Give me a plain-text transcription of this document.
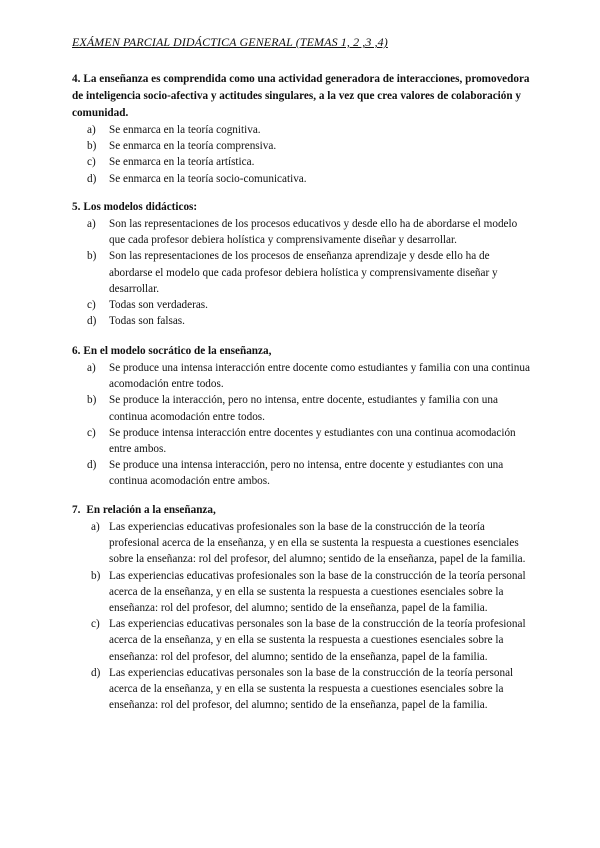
EXÁMEN PARCIAL DIDÁCTICA GENERAL (TEMAS 1, 2 ,3 ,4)

4. La enseñanza es comprendida como una actividad generadora de interacciones, promovedora de inteligencia socio-afectiva y actitudes singulares, a la vez que crea valores de colaboración y comunidad.

a) Se enmarca en la teoría cognitiva.
b) Se enmarca en la teoría comprensiva.
c) Se enmarca en la teoría artística.
d) Se enmarca en la teoría socio-comunicativa.

5. Los modelos didácticos:

a) Son las representaciones de los procesos educativos y desde ello ha de abordarse el modelo que cada profesor debiera holística y comprensivamente diseñar y desarrollar.
b) Son las representaciones de los procesos de enseñanza aprendizaje y desde ello ha de abordarse el modelo que cada profesor debiera holística y comprensivamente diseñar y desarrollar.
c) Todas son verdaderas.
d) Todas son falsas.

6. En el modelo socrático de la enseñanza,

a) Se produce una intensa interacción entre docente como estudiantes y familia con una continua acomodación entre todos.
b) Se produce la interacción, pero no intensa, entre docente, estudiantes y familia con una continua acomodación entre todos.
c) Se produce intensa interacción entre docentes y estudiantes con una continua acomodación entre ambos.
d) Se produce una intensa interacción, pero no intensa, entre docente y estudiantes con una continua acomodación entre ambos.

7. En relación a la enseñanza,

a) Las experiencias educativas profesionales son la base de la construcción de la teoría profesional acerca de la enseñanza, y en ella se sustenta la respuesta a cuestiones esenciales sobre la enseñanza: rol del profesor, del alumno; sentido de la enseñanza, papel de la familia.
b) Las experiencias educativas profesionales son la base de la construcción de la teoría personal acerca de la enseñanza, y en ella se sustenta la respuesta a cuestiones esenciales sobre la enseñanza: rol del profesor, del alumno; sentido de la enseñanza, papel de la familia.
c) Las experiencias educativas personales son la base de la construcción de la teoría profesional acerca de la enseñanza, y en ella se sustenta la respuesta a cuestiones esenciales sobre la enseñanza: rol del profesor, del alumno; sentido de la enseñanza, papel de la familia.
d) Las experiencias educativas personales son la base de la construcción de la teoría personal acerca de la enseñanza, y en ella se sustenta la respuesta a cuestiones esenciales sobre la enseñanza: rol del profesor, del alumno; sentido de la enseñanza, papel de la familia.
